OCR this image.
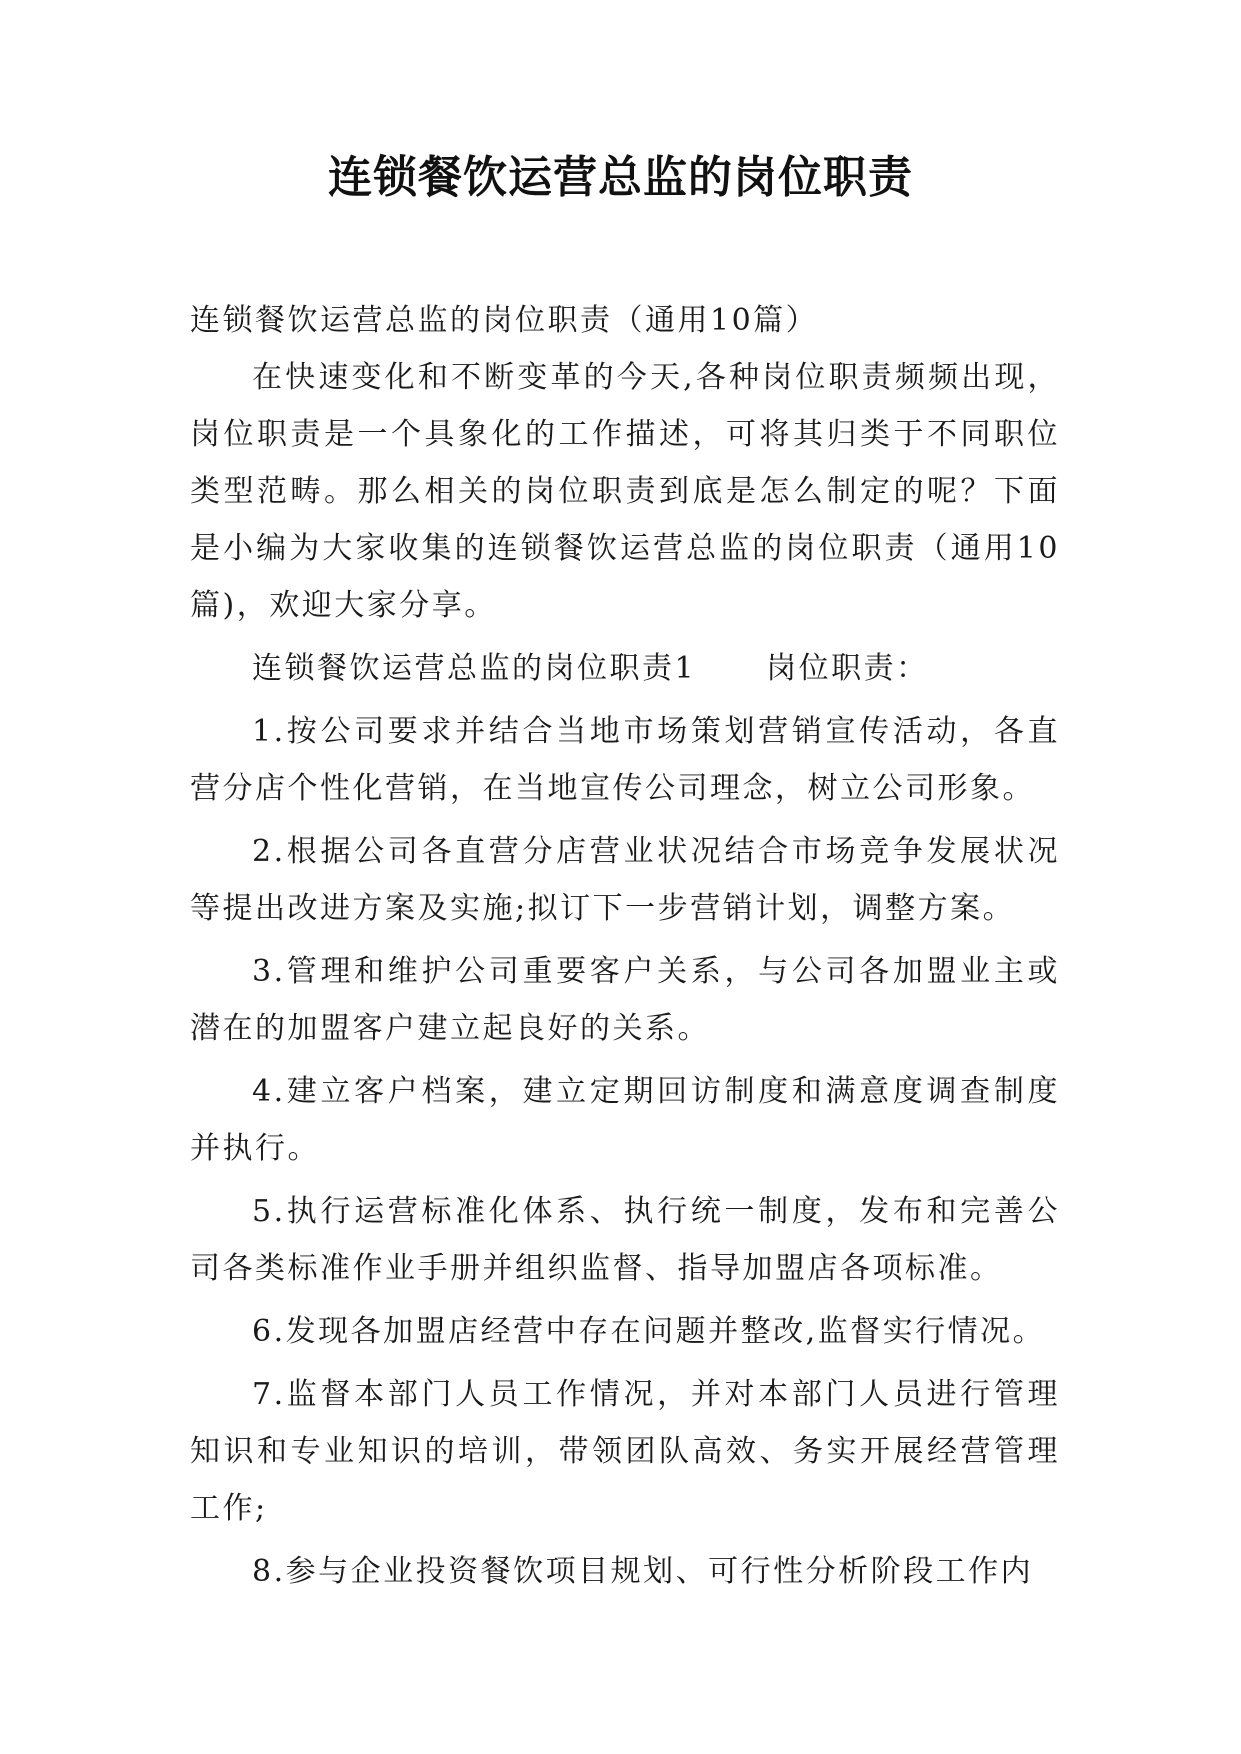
连锁餐饮运营总监的岗位职责

连锁餐饮运营总监的岗位职责（通用10篇）

在快速变化和不断变革的今天,各种岗位职责频频出现，岗位职责是一个具象化的工作描述，可将其归类于不同职位类型范畴。那么相关的岗位职责到底是怎么制定的呢？下面是小编为大家收集的连锁餐饮运营总监的岗位职责（通用10篇)，欢迎大家分享。

连锁餐饮运营总监的岗位职责1 岗位职责：

1.按公司要求并结合当地市场策划营销宣传活动，各直营分店个性化营销，在当地宣传公司理念，树立公司形象。

2.根据公司各直营分店营业状况结合市场竞争发展状况等提出改进方案及实施;拟订下一步营销计划，调整方案。

3.管理和维护公司重要客户关系，与公司各加盟业主或潜在的加盟客户建立起良好的关系。

4.建立客户档案，建立定期回访制度和满意度调查制度并执行。

5.执行运营标准化体系、执行统一制度，发布和完善公司各类标准作业手册并组织监督、指导加盟店各项标准。

6.发现各加盟店经营中存在问题并整改,监督实行情况。

7.监督本部门人员工作情况，并对本部门人员进行管理知识和专业知识的培训，带领团队高效、务实开展经营管理工作;

8.参与企业投资餐饮项目规划、可行性分析阶段工作内
